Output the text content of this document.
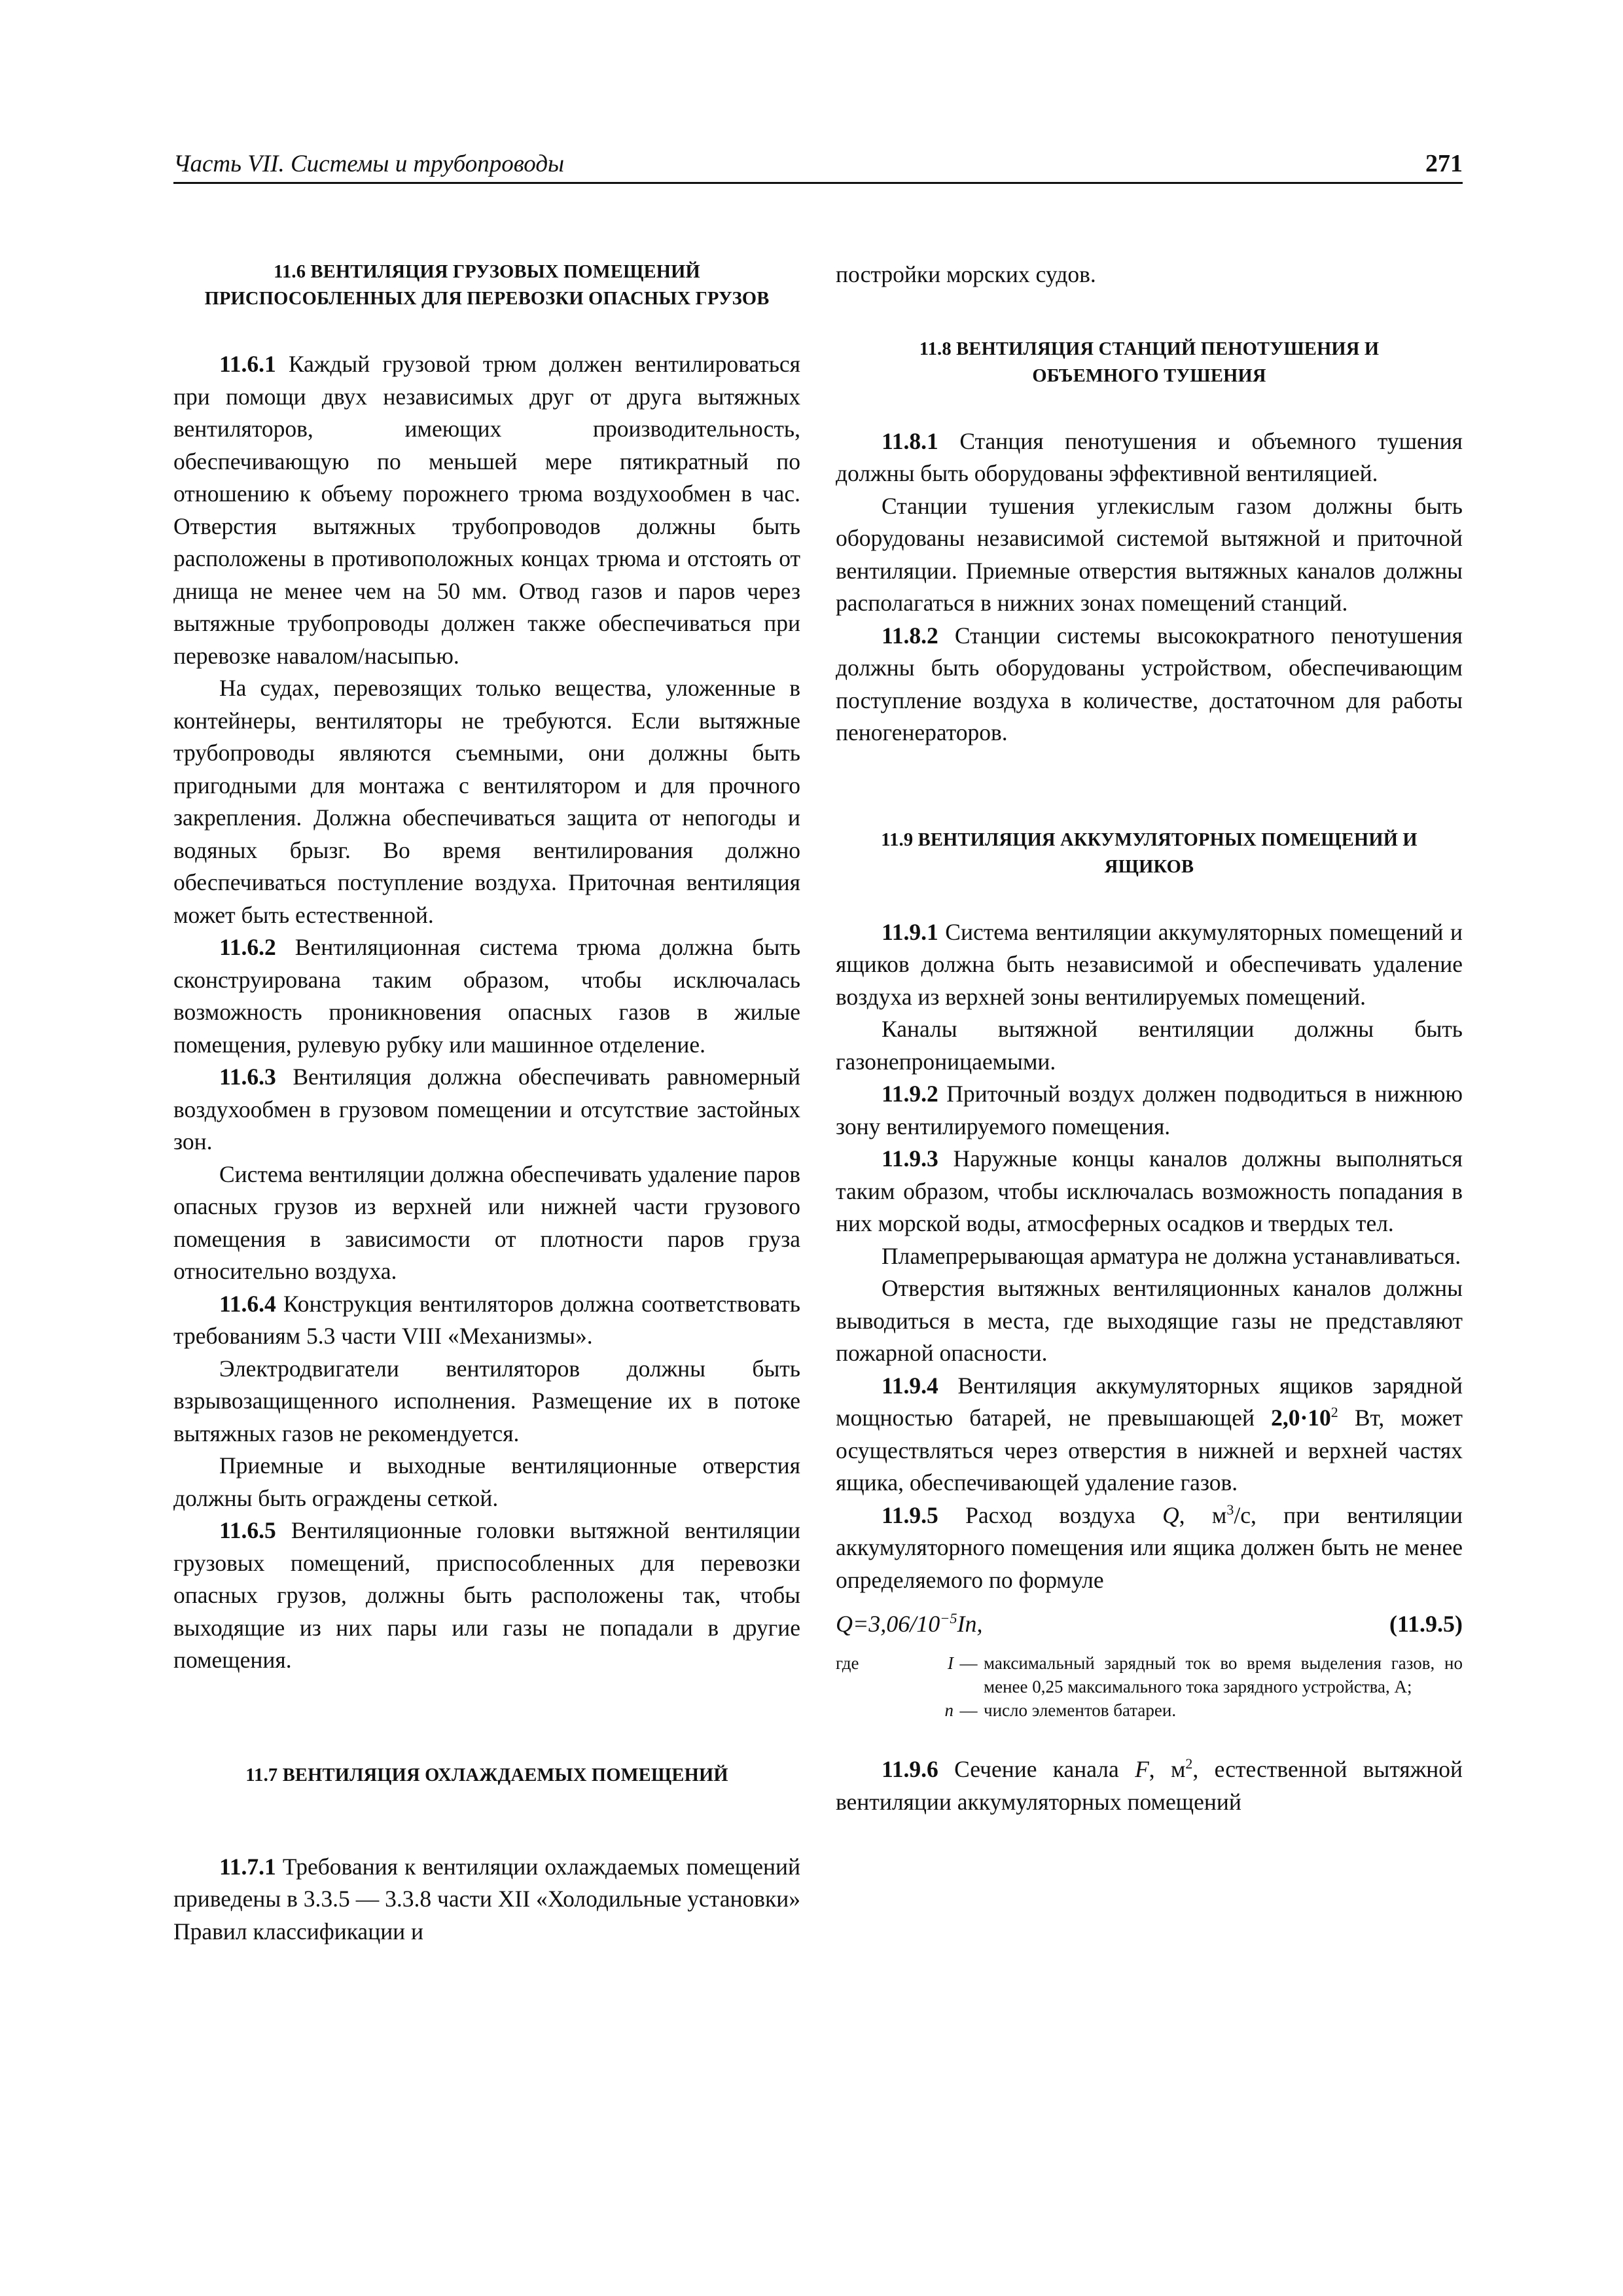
Часть VII. Системы и трубопроводы	271
11.6 ВЕНТИЛЯЦИЯ ГРУЗОВЫХ ПОМЕЩЕНИЙ ПРИСПОСОБЛЕННЫХ ДЛЯ ПЕРЕВОЗКИ ОПАСНЫХ ГРУЗОВ

11.6.1 Каждый грузовой трюм должен вентилироваться при помощи двух независимых друг от друга вытяжных вентиляторов, имеющих производительность, обеспечивающую по меньшей мере пятикратный по отношению к объему порожнего трюма воздухообмен в час. Отверстия вытяжных трубопроводов должны быть расположены в противоположных концах трюма и отстоять от днища не менее чем на 50 мм. Отвод газов и паров через вытяжные трубопроводы должен также обеспечиваться при перевозке навалом/насыпью.

На судах, перевозящих только вещества, уложенные в контейнеры, вентиляторы не требуются. Если вытяжные трубопроводы являются съемными, они должны быть пригодными для монтажа с вентилятором и для прочного закрепления. Должна обеспечиваться защита от непогоды и водяных брызг. Во время вентилирования должно обеспечиваться поступление воздуха. Приточная вентиляция может быть естественной.

11.6.2 Вентиляционная система трюма должна быть сконструирована таким образом, чтобы исключалась возможность проникновения опасных газов в жилые помещения, рулевую рубку или машинное отделение.

11.6.3 Вентиляция должна обеспечивать равномерный воздухообмен в грузовом помещении и отсутствие застойных зон.

Система вентиляции должна обеспечивать удаление паров опасных грузов из верхней или нижней части грузового помещения в зависимости от плотности паров груза относительно воздуха.

11.6.4 Конструкция вентиляторов должна соответствовать требованиям 5.3 части VIII «Механизмы».

Электродвигатели вентиляторов должны быть взрывозащищенного исполнения. Размещение их в потоке вытяжных газов не рекомендуется.

Приемные и выходные вентиляционные отверстия должны быть ограждены сеткой.

11.6.5 Вентиляционные головки вытяжной вентиляции грузовых помещений, приспособленных для перевозки опасных грузов, должны быть расположены так, чтобы выходящие из них пары или газы не попадали в другие помещения.

11.7 ВЕНТИЛЯЦИЯ ОХЛАЖДАЕМЫХ ПОМЕЩЕНИЙ

11.7.1 Требования к вентиляции охлаждаемых помещений приведены в 3.3.5 — 3.3.8 части XII «Холодильные установки» Правил классификации и

постройки морских судов.

11.8 ВЕНТИЛЯЦИЯ СТАНЦИЙ ПЕНОТУШЕНИЯ И ОБЪЕМНОГО ТУШЕНИЯ

11.8.1 Станция пенотушения и объемного тушения должны быть оборудованы эффективной вентиляцией.

Станции тушения углекислым газом должны быть оборудованы независимой системой вытяжной и приточной вентиляции. Приемные отверстия вытяжных каналов должны располагаться в нижних зонах помещений станций.

11.8.2 Станции системы высокократного пенотушения должны быть оборудованы устройством, обеспечивающим поступление воздуха в количестве, достаточном для работы пеногенераторов.

11.9 ВЕНТИЛЯЦИЯ АККУМУЛЯТОРНЫХ ПОМЕЩЕНИЙ И ЯЩИКОВ

11.9.1 Система вентиляции аккумуляторных помещений и ящиков должна быть независимой и обеспечивать удаление воздуха из верхней зоны вентилируемых помещений.

Каналы вытяжной вентиляции должны быть газонепроницаемыми.

11.9.2 Приточный воздух должен подводиться в нижнюю зону вентилируемого помещения.

11.9.3 Наружные концы каналов должны выполняться таким образом, чтобы исключалась возможность попадания в них морской воды, атмосферных осадков и твердых тел.

Пламепрерывающая арматура не должна устанавливаться.

Отверстия вытяжных вентиляционных каналов должны выводиться в места, где выходящие газы не представляют пожарной опасности.

11.9.4 Вентиляция аккумуляторных ящиков зарядной мощностью батарей, не превышающей $2,0\cdot 10^2$ Вт, может осуществляться через отверстия в нижней и верхней частях ящика, обеспечивающей удаление газов.

11.9.5 Расход воздуха Q, $м^3/с$, при вентиляции аккумуляторного помещения или ящика должен быть не менее определяемого по формуле

$Q=3,06/10^{-5}In$,	(11.9.5)
где	I — максимальный зарядный ток во время выделения газов, но менее 0,25 максимального тока зарядного устройства, А;
n — число элементов батареи.

11.9.6 Сечение канала F, $м^2$, естественной вытяжной вентиляции аккумуляторных помещений
